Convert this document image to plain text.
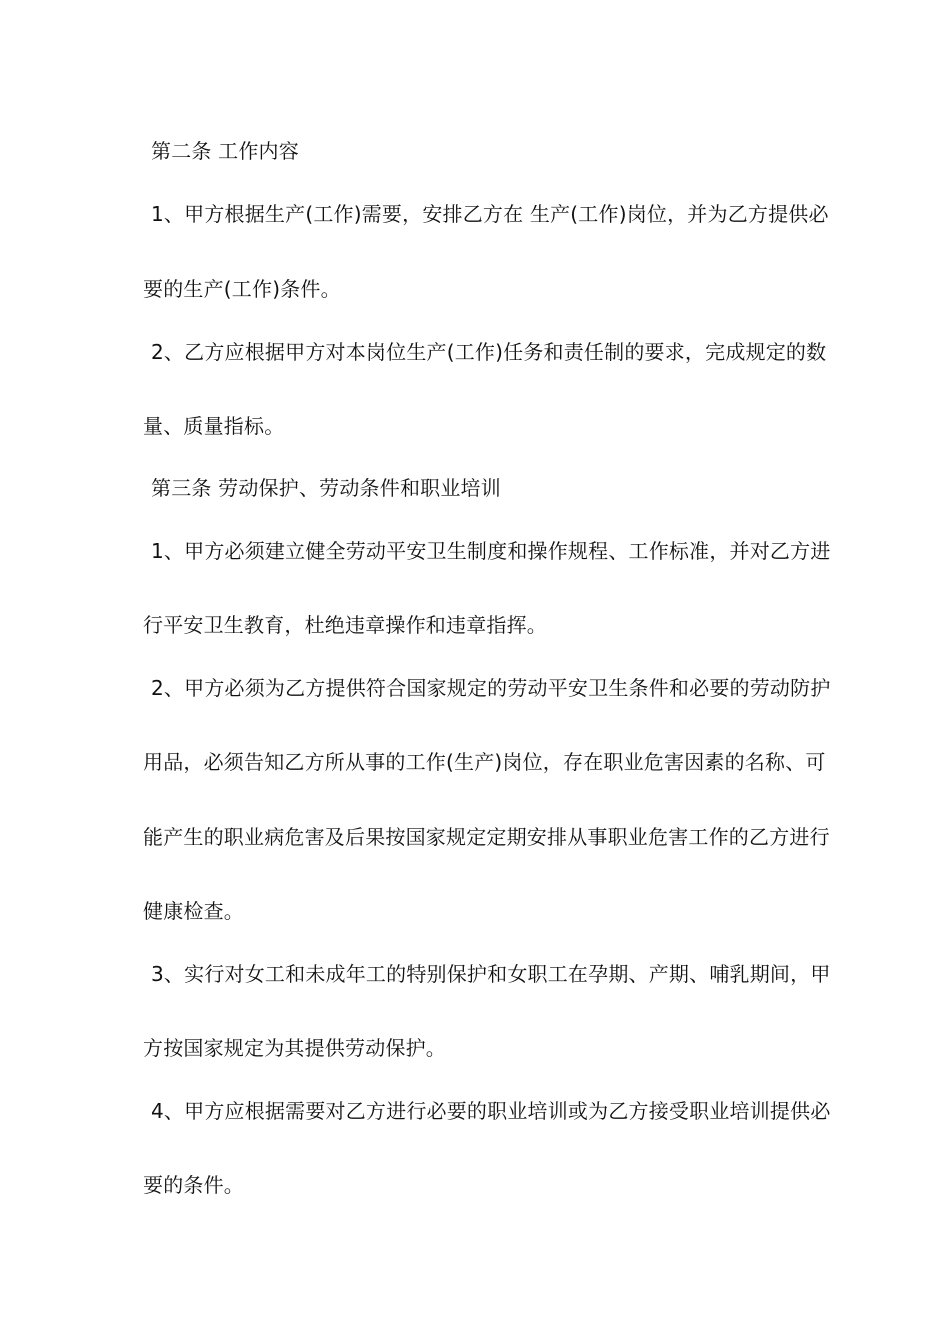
第二条 工作内容
1、甲方根据生产(工作)需要，安排乙方在 生产(工作)岗位，并为乙方提供必
要的生产(工作)条件。
2、乙方应根据甲方对本岗位生产(工作)任务和责任制的要求，完成规定的数
量、质量指标。
第三条 劳动保护、劳动条件和职业培训
1、甲方必须建立健全劳动平安卫生制度和操作规程、工作标准，并对乙方进
行平安卫生教育，杜绝违章操作和违章指挥。
2、甲方必须为乙方提供符合国家规定的劳动平安卫生条件和必要的劳动防护
用品，必须告知乙方所从事的工作(生产)岗位，存在职业危害因素的名称、可
能产生的职业病危害及后果按国家规定定期安排从事职业危害工作的乙方进行
健康检查。
3、实行对女工和未成年工的特别保护和女职工在孕期、产期、哺乳期间，甲
方按国家规定为其提供劳动保护。
4、甲方应根据需要对乙方进行必要的职业培训或为乙方接受职业培训提供必
要的条件。
